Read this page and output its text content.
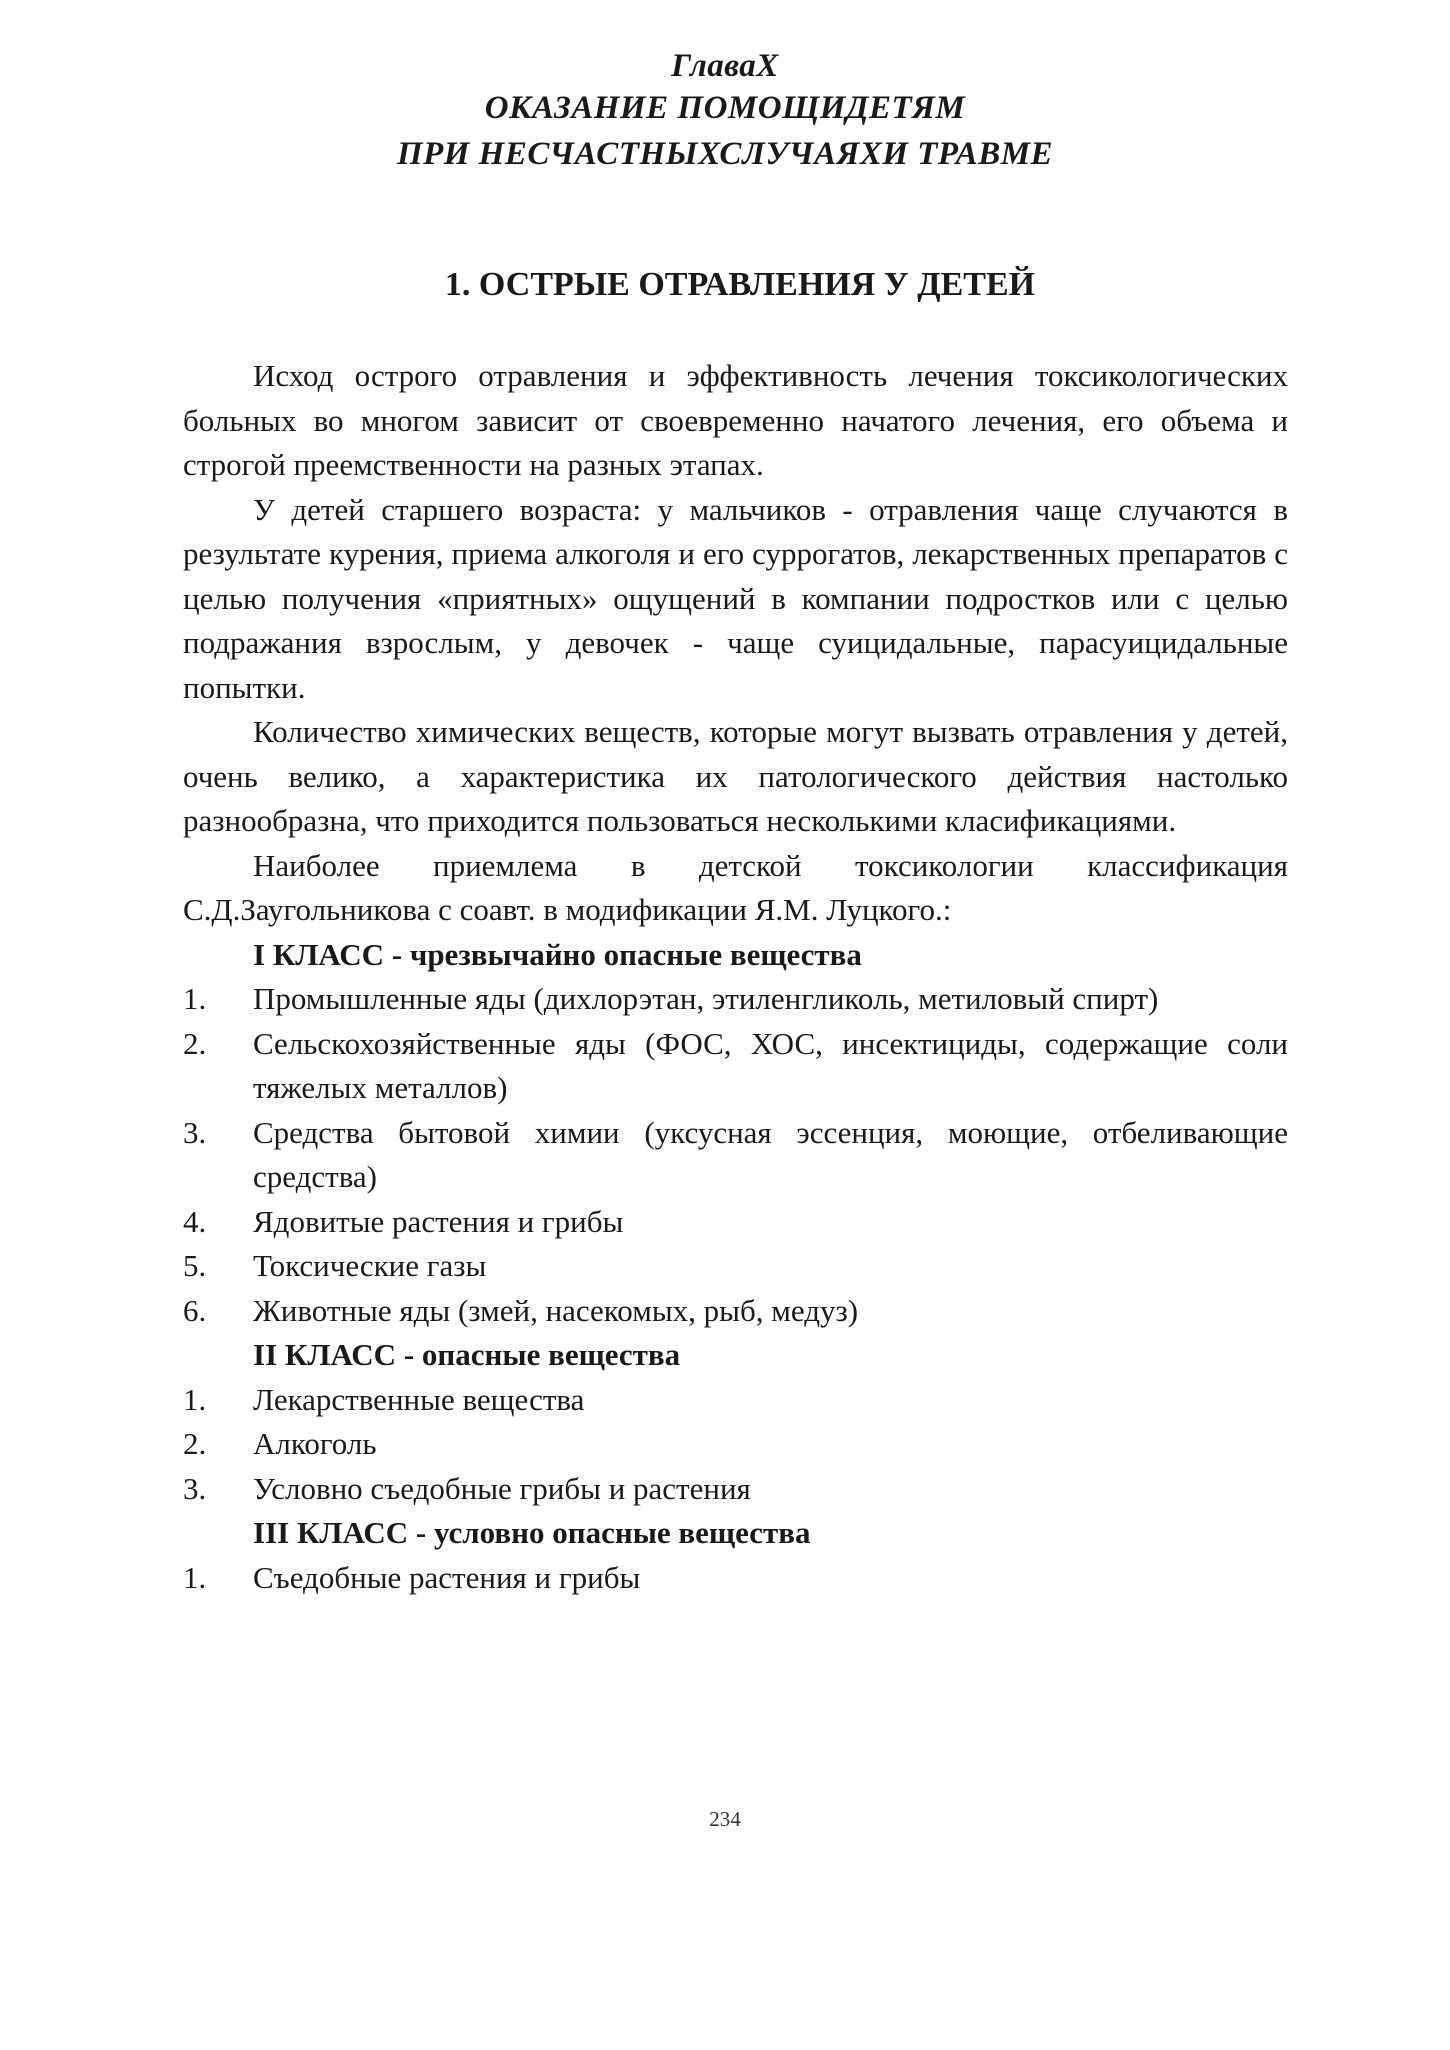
ГлаваX
ОКАЗАНИЕ ПОМОЩИДЕТЯМ
ПРИ НЕСЧАСТНЫХСЛУЧАЯХИ ТРАВМЕ
1. ОСТРЫЕ ОТРАВЛЕНИЯ У ДЕТЕЙ

Исход острого отравления и эффективность лечения токсикологических больных во многом зависит от своевременно начатого лечения, его объема и строгой преемственности на разных этапах.

У детей старшего возраста: у мальчиков - отравления чаще случаются в результате курения, приема алкоголя и его суррогатов, лекарственных препаратов с целью получения «приятных» ощущений в компании подростков или с целью подражания взрослым, у девочек - чаще суицидальные, парасуицидальные попытки.

Количество химических веществ, которые могут вызвать отравления у детей, очень велико, а характеристика их патологического действия настолько разнообразна, что приходится пользоваться несколькими класификациями.

Наиболее приемлема в детской токсикологии классификация С.Д.Заугольникова с соавт. в модификации Я.М. Луцкого.:

I КЛАСС - чрезвычайно опасные вещества
1. Промышленные яды (дихлорэтан, этиленгликоль, метиловый спирт)
2. Сельскохозяйственные яды (ФОС, ХОС, инсектициды, содержащие соли тяжелых металлов)
3. Средства бытовой химии (уксусная эссенция, моющие, отбеливающие средства)
4. Ядовитые растения и грибы
5. Токсические газы
6. Животные яды (змей, насекомых, рыб, медуз)
II КЛАСС - опасные вещества
1. Лекарственные вещества
2. Алкоголь
3. Условно съедобные грибы и растения
III КЛАСС - условно опасные вещества
1. Съедобные растения и грибы
234
